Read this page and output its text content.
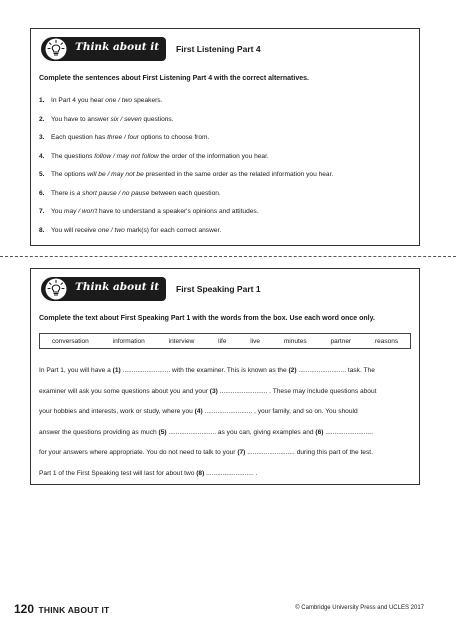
Think about it First Listening Part 4
Complete the sentences about First Listening Part 4 with the correct alternatives.
1. In Part 4 you hear one / two speakers.
2. You have to answer six / seven questions.
3. Each question has three / four options to choose from.
4. The questions follow / may not follow the order of the information you hear.
5. The options will be / may not be presented in the same order as the related information you hear.
6. There is a short pause / no pause between each question.
7. You may / won't have to understand a speaker's opinions and attitudes.
8. You will receive one / two mark(s) for each correct answer.
Think about it First Speaking Part 1
Complete the text about First Speaking Part 1 with the words from the box. Use each word once only.
conversation	information	interview	life	live	minutes	partner	reasons
In Part 1, you will have a (1) .......................... with the examiner. This is known as the (2) .......................... task. The
examiner will ask you some questions about you and your (3) .......................... . These may include questions about
your hobbies and interests, work or study, where you (4) .......................... , your family, and so on. You should
answer the questions providing as much (5) .......................... as you can, giving examples and (6) ..........................
for your answers where appropriate. You do not need to talk to your (7) .......................... during this part of the test.
Part 1 of the First Speaking test will last for about two (8) .......................... .
120 THINK ABOUT IT	© Cambridge University Press and UCLES 2017
